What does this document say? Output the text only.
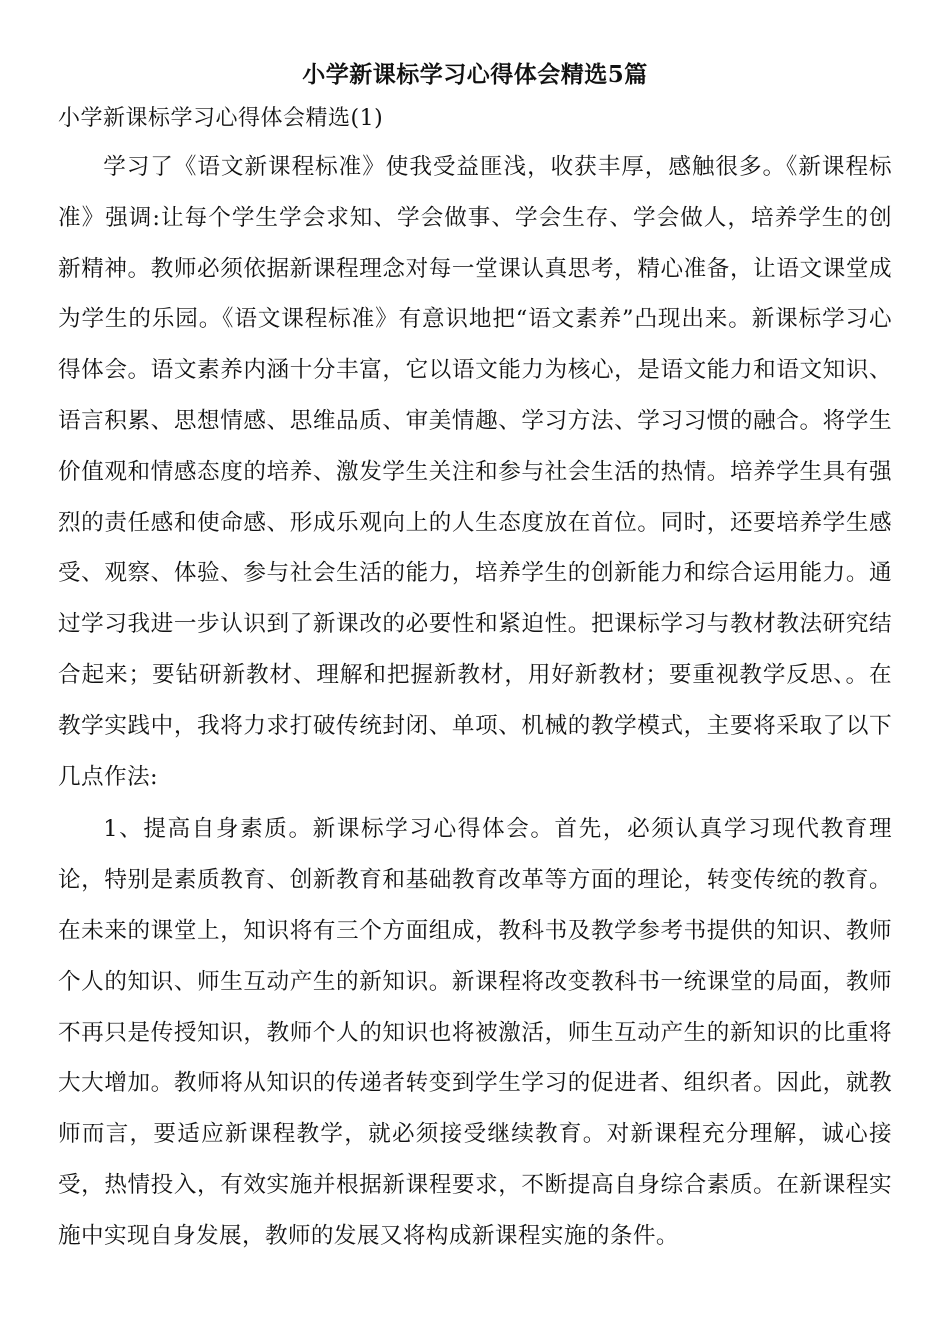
小学新课标学习心得体会精选5篇
小学新课标学习心得体会精选(1)

学习了《语文新课程标准》使我受益匪浅，收获丰厚，感触很多。《新课程标准》强调:让每个学生学会求知、学会做事、学会生存、学会做人，培养学生的创新精神。教师必须依据新课程理念对每一堂课认真思考，精心准备，让语文课堂成为学生的乐园。《语文课程标准》有意识地把“语文素养”凸现出来。新课标学习心得体会。语文素养内涵十分丰富，它以语文能力为核心，是语文能力和语文知识、语言积累、思想情感、思维品质、审美情趣、学习方法、学习习惯的融合。将学生价值观和情感态度的培养、激发学生关注和参与社会生活的热情。培养学生具有强烈的责任感和使命感、形成乐观向上的人生态度放在首位。同时，还要培养学生感受、观察、体验、参与社会生活的能力，培养学生的创新能力和综合运用能力。通过学习我进一步认识到了新课改的必要性和紧迫性。把课标学习与教材教法研究结合起来；要钻研新教材、理解和把握新教材，用好新教材；要重视教学反思、。在教学实践中，我将力求打破传统封闭、单项、机械的教学模式，主要将采取了以下几点作法:

1、提高自身素质。新课标学习心得体会。首先，必须认真学习现代教育理论，特别是素质教育、创新教育和基础教育改革等方面的理论，转变传统的教育。在未来的课堂上，知识将有三个方面组成，教科书及教学参考书提供的知识、教师个人的知识、师生互动产生的新知识。新课程将改变教科书一统课堂的局面，教师不再只是传授知识，教师个人的知识也将被激活，师生互动产生的新知识的比重将大大增加。教师将从知识的传递者转变到学生学习的促进者、组织者。因此，就教师而言，要适应新课程教学，就必须接受继续教育。对新课程充分理解，诚心接受，热情投入，有效实施并根据新课程要求，不断提高自身综合素质。在新课程实施中实现自身发展，教师的发展又将构成新课程实施的条件。
